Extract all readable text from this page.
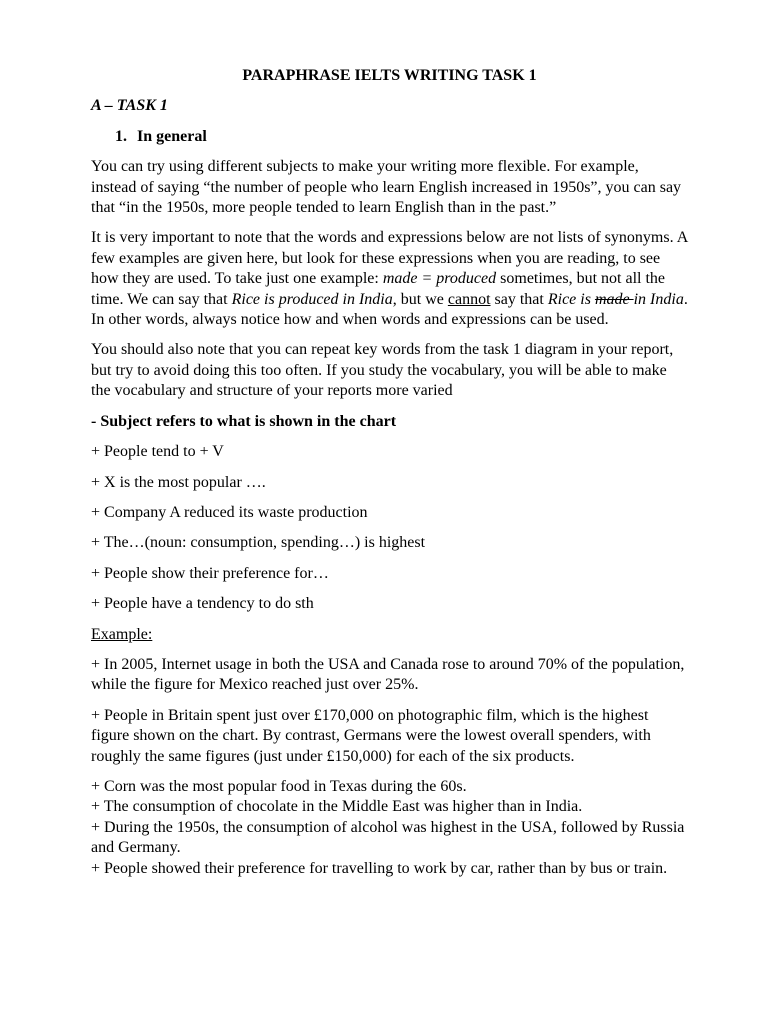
PARAPHRASE IELTS WRITING TASK 1
A – TASK 1
1. In general

You can try using different subjects to make your writing more flexible. For example, instead of saying “the number of people who learn English increased in 1950s”, you can say that “in the 1950s, more people tended to learn English than in the past.”

It is very important to note that the words and expressions below are not lists of synonyms. A few examples are given here, but look for these expressions when you are reading, to see how they are used. To take just one example: made = produced sometimes, but not all the time. We can say that Rice is produced in India, but we cannot say that Rice is made in India. In other words, always notice how and when words and expressions can be used.

You should also note that you can repeat key words from the task 1 diagram in your report, but try to avoid doing this too often. If you study the vocabulary, you will be able to make the vocabulary and structure of your reports more varied

- Subject refers to what is shown in the chart

+ People tend to + V

+ X is the most popular ….

+ Company A reduced its waste production

+ The…(noun: consumption, spending…) is highest

+ People show their preference for…

+ People have a tendency to do sth

Example:

+ In 2005, Internet usage in both the USA and Canada rose to around 70% of the population, while the figure for Mexico reached just over 25%.

+ People in Britain spent just over £170,000 on photographic film, which is the highest figure shown on the chart. By contrast, Germans were the lowest overall spenders, with roughly the same figures (just under £150,000) for each of the six products.

+ Corn was the most popular food in Texas during the 60s.

+ The consumption of chocolate in the Middle East was higher than in India.

+ During the 1950s, the consumption of alcohol was highest in the USA, followed by Russia and Germany.

+ People showed their preference for travelling to work by car, rather than by bus or train.
